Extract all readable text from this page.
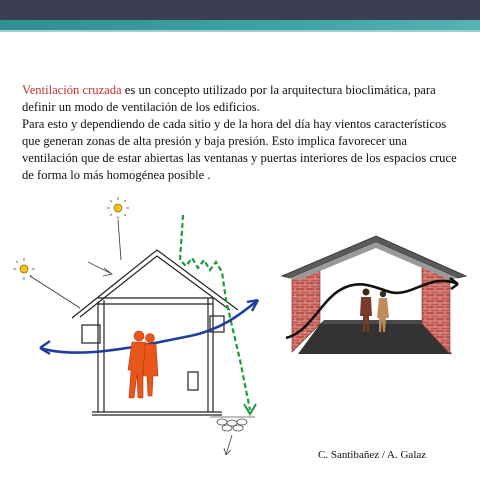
Ventilación cruzada es un concepto utilizado por la arquitectura bioclimática, para definir un modo de ventilación de los edificios.

Para esto y dependiendo de cada sitio y de la hora del día hay vientos característicos que generan zonas de alta presión y baja presión. Esto implica favorecer una ventilación que de estar abiertas las ventanas y puertas interiores de los espacios cruce de forma lo más homogénea posible .

C. Santibañez / A. Galaz
